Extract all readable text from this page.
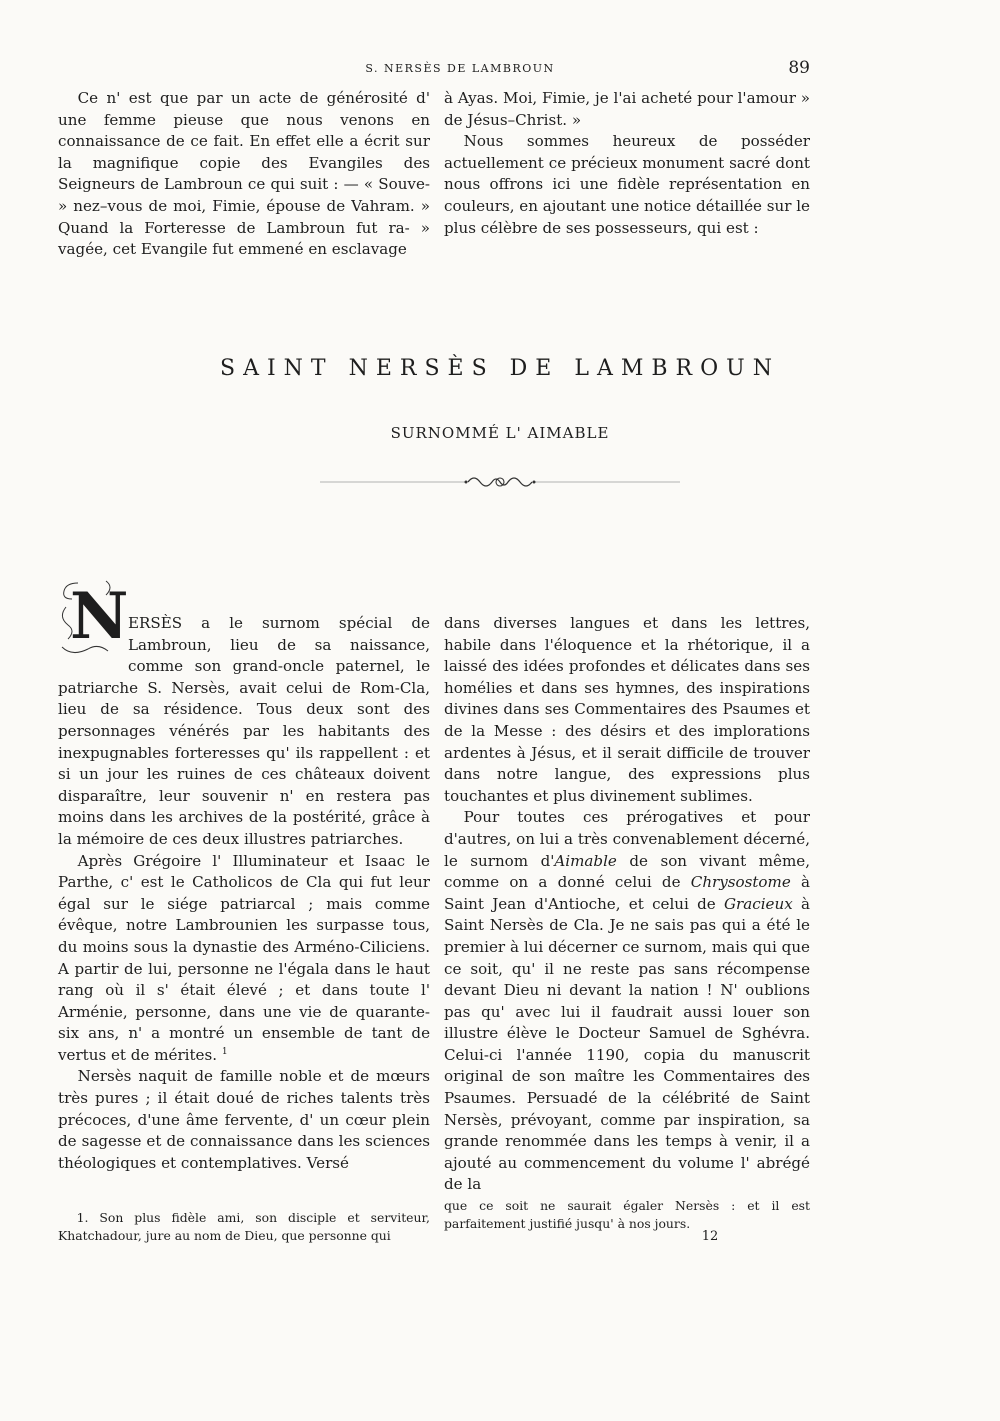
S. NERSÈS DE LAMBROUN	89

Ce n' est que par un acte de générosité d' une femme pieuse que nous venons en connaissance de ce fait. En effet elle a écrit sur la magnifique copie des Evangiles des Seigneurs de Lambroun ce qui suit : — « Souve- » nez–vous de moi, Fimie, épouse de Vahram. » Quand la Forteresse de Lambroun fut ra- » vagée, cet Evangile fut emmené en esclavage

à Ayas. Moi, Fimie, je l'ai acheté pour l'amour » de Jésus–Christ. »

Nous sommes heureux de posséder actuellement ce précieux monument sacré dont nous offrons ici une fidèle représentation en couleurs, en ajoutant une notice détaillée sur le plus célèbre de ses possesseurs, qui est :

SAINT NERSÈS DE LAMBROUN
SURNOMMÉ L' AIMABLE

N ERSÈS a le surnom spécial de Lambroun, lieu de sa naissance, comme son grand-oncle paternel, le patriarche S. Nersès, avait celui de Rom-Cla, lieu de sa résidence. Tous deux sont des personnages vénérés par les habitants des inexpugnables forteresses qu' ils rappellent : et si un jour les ruines de ces châteaux doivent disparaître, leur souvenir n' en restera pas moins dans les archives de la postérité, grâce à la mémoire de ces deux illustres patriarches.

Après Grégoire l' Illuminateur et Isaac le Parthe, c' est le Catholicos de Cla qui fut leur égal sur le siége patriarcal ; mais comme évêque, notre Lambrounien les surpasse tous, du moins sous la dynastie des Arméno-Ciliciens. A partir de lui, personne ne l'égala dans le haut rang où il s' était élevé ; et dans toute l' Arménie, personne, dans une vie de quarante-six ans, n' a montré un ensemble de tant de vertus et de mérites. $^1$

Nersès naquit de famille noble et de mœurs très pures ; il était doué de riches talents très précoces, d'une âme fervente, d' un cœur plein de sagesse et de connaissance dans les sciences théologiques et contemplatives. Versé

dans diverses langues et dans les lettres, habile dans l'éloquence et la rhétorique, il a laissé des idées profondes et délicates dans ses homélies et dans ses hymnes, des inspirations divines dans ses Commentaires des Psaumes et de la Messe : des désirs et des implorations ardentes à Jésus, et il serait difficile de trouver dans notre langue, des expressions plus touchantes et plus divinement sublimes.

Pour toutes ces prérogatives et pour d'autres, on lui a très convenablement décerné, le surnom d'Aimable de son vivant même, comme on a donné celui de Chrysostome à Saint Jean d'Antioche, et celui de Gracieux à Saint Nersès de Cla. Je ne sais pas qui a été le premier à lui décerner ce surnom, mais qui que ce soit, qu' il ne reste pas sans récompense devant Dieu ni devant la nation ! N' oublions pas qu' avec lui il faudrait aussi louer son illustre élève le Docteur Samuel de Sghévra. Celui-ci l'année 1190, copia du manuscrit original de son maître les Commentaires des Psaumes. Persuadé de la célébrité de Saint Nersès, prévoyant, comme par inspiration, sa grande renommée dans les temps à venir, il a ajouté au commencement du volume l' abrégé de la

1. Son plus fidèle ami, son disciple et serviteur, Khatchadour, jure au nom de Dieu, que personne qui

que ce soit ne saurait égaler Nersès : et il est parfaitement justifié jusqu' à nos jours.

12
